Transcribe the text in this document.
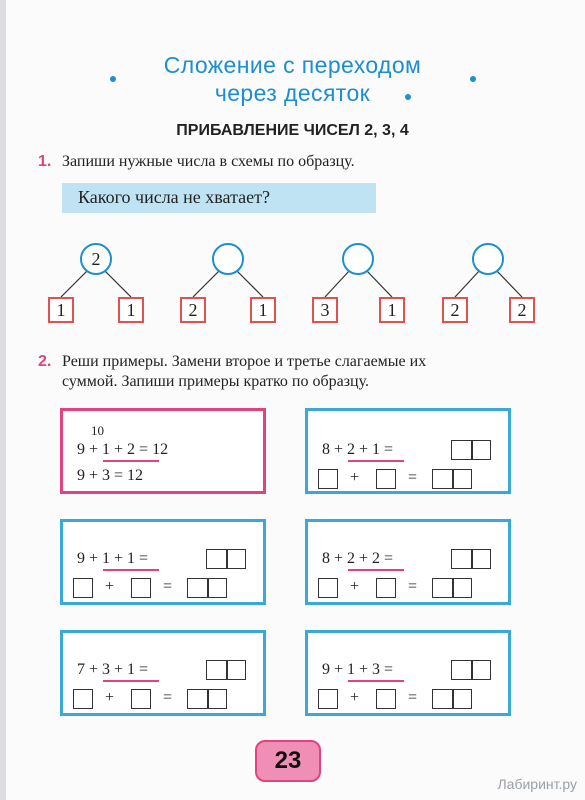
Сложение с переходом
через десяток
ПРИБАВЛЕНИЕ ЧИСЕЛ 2, 3, 4
1. Запиши нужные числа в схемы по образцу.
Какого числа не хватает?
2
1	1	2	1	3	1	2	2
2. Реши примеры. Замени второе и третье слагаемые их
суммой. Запиши примеры кратко по образцу.
10
9 + 1 + 2 = 12
9 + 3 = 12
8 + 2 + 1 =
+	=
9 + 1 + 1 =
+	=
8 + 2 + 2 =
+	=
7 + 3 + 1 =
+	=
9 + 1 + 3 =
+	=
23
Лабиринт.ру
